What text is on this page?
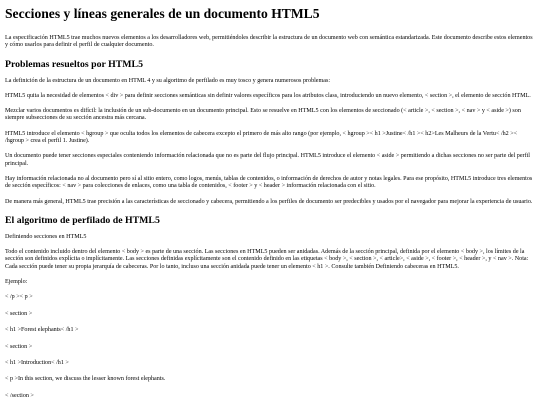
Secciones y líneas generales de un documento HTML5

La especificación HTML5 trae muchos nuevos elementos a los desarrolladores web, permitiéndoles describir la estructura de un documento web con semántica estandarizada. Este documento describe estos elementos y cómo usarlos para definir el perfil de cualquier documento.

Problemas resueltos por HTML5

La definición de la estructura de un documento en HTML 4 y su algoritmo de perfilado es muy tosco y genera numerosos problemas:

HTML5 quita la necesidad de elementos < div > para definir secciones semánticas sin definir valores específicos para los atributos class, introduciendo un nuevo elemento, < section >, el elemento de sección HTML.

Mezclar varios documentos es difícil: la inclusión de un sub-documento en un documento principal. Esto se resuelve en HTML5 con los elementos de seccionado (< article >, < section >, < nav > y < aside >) son siempre subsecciones de su sección ancestra más cercana.

HTML5 introduce el elemento < hgroup > que oculta todos los elementos de cabecera excepto el primero de más alto rango (por ejemplo, < hgroup >< h1 >Justine< /h1 >< h2>Les Malheurs de la Vertu< /h2 >< /hgroup > crea el perfil 1. Justine).

Un documento puede tener secciones especiales conteniendo información relacionada que no es parte del flujo principal. HTML5 introduce el elemento < aside > permitiendo a dichas secciones no ser parte del perfil principal.

Hay información relacionada no al documento pero sí al sitio entero, como logos, menús, tablas de contenidos, o información de derechos de autor y notas legales. Para ese propósito, HTML5 introduce tres elementos de sección específicos: < nav > para colecciones de enlaces, como una tabla de contenidos, < footer > y < header > información relacionada con el sitio.

De manera más general, HTML5 trae precisión a las características de seccionado y cabecera, permitiendo a los perfiles de documento ser predecibles y usados por el navegador para mejorar la experiencia de usuario.

El algoritmo de perfilado de HTML5

Definiendo secciones en HTML5

Todo el contenido incluido dentro del elemento < body > es parte de una sección. Las secciones en HTML5 pueden ser anidadas. Además de la sección principal, definida por el elemento < body >, los límites de la sección son definidos explícita o implícitamente. Las secciones definidas explícitamente son el contenido definido en las etiquetas < body >, < section >, < article>, < aside >, < footer >, < header >, y < nav >. Nota: Cada sección puede tener su propia jerarquía de cabeceras. Por lo tanto, incluso una sección anidada puede tener un elemento < h1 >. Consulte también Definiendo cabeceras en HTML5.

Ejemplo:

< /p >< p >

< section >

< h1 >Forest elephants< /h1 >

< section >

< h1 >Introduction< /h1 >

< p >In this section, we discuss the lesser known forest elephants.

< /section >
